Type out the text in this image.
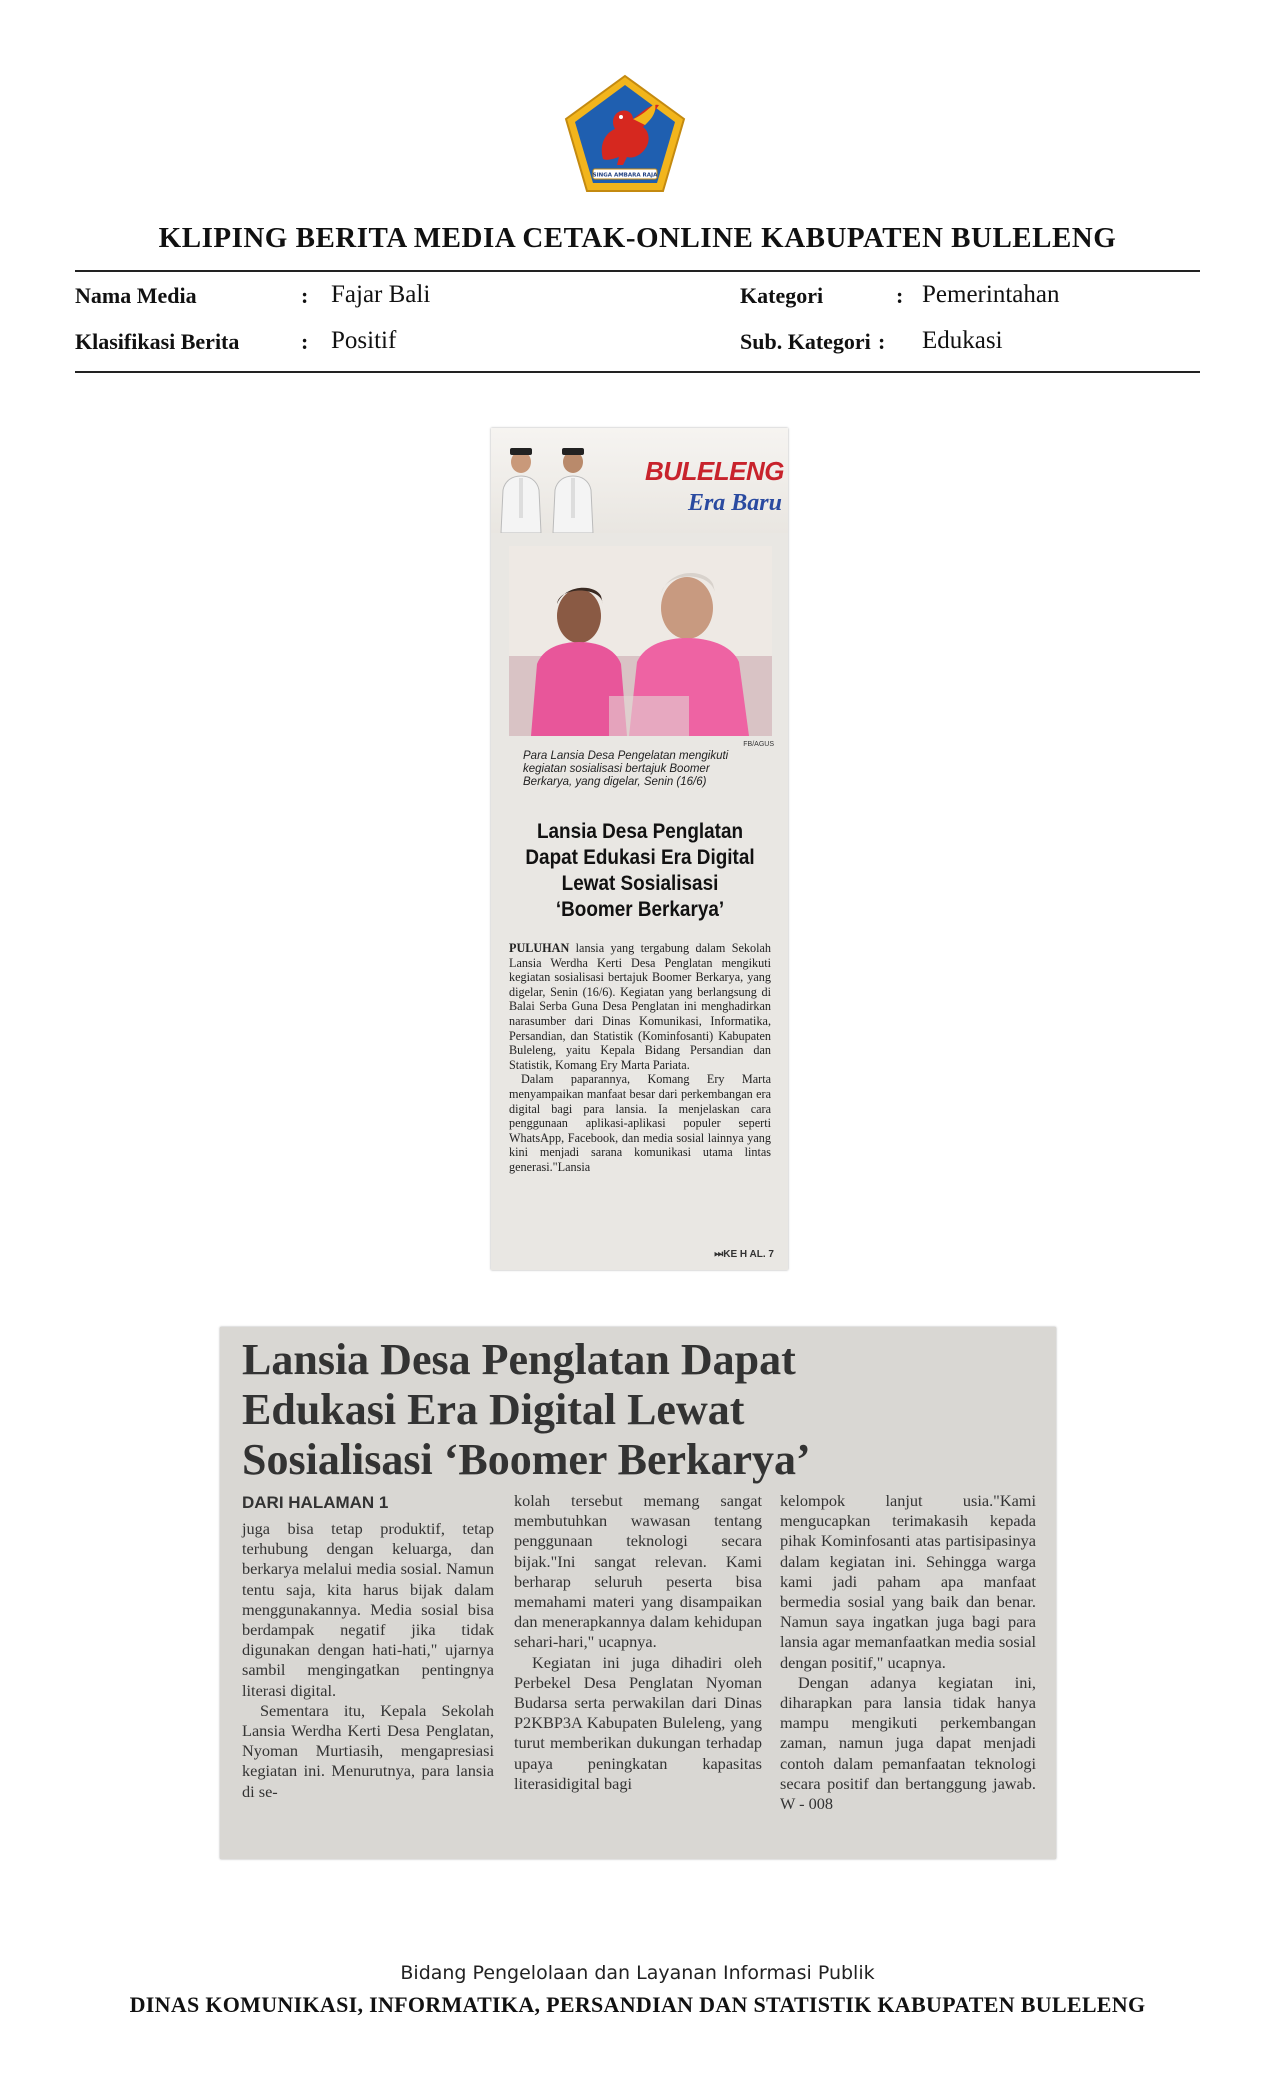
SINGA AMBARA RAJA
KLIPING BERITA MEDIA CETAK-ONLINE KABUPATEN BULELENG
Nama Media	: Fajar Bali	Kategori	: Pemerintahan
Klasifikasi Berita	: Positif	Sub. Kategori : Edukasi
BULELENG
Era Baru
FB/AGUS
Para Lansia Desa Pengelatan mengikuti kegiatan sosialisasi bertajuk Boomer Berkarya, yang digelar, Senin (16/6)
Lansia Desa Penglatan Dapat Edukasi Era Digital Lewat Sosialisasi ‘Boomer Berkarya’

PULUHAN lansia yang tergabung dalam Sekolah Lansia Werdha Kerti Desa Penglatan mengikuti kegiatan sosialisasi bertajuk Boomer Berkarya, yang digelar, Senin (16/6). Kegiatan yang berlangsung di Balai Serba Guna Desa Penglatan ini menghadirkan narasumber dari Dinas Komunikasi, Informatika, Persandian, dan Statistik (Kominfosanti) Kabupaten Buleleng, yaitu Kepala Bidang Persandian dan Statistik, Komang Ery Marta Pariata.

Dalam paparannya, Komang Ery Marta menyampaikan manfaat besar dari perkembangan era digital bagi para lansia. Ia menjelaskan cara penggunaan aplikasi-aplikasi populer seperti WhatsApp, Facebook, dan media sosial lainnya yang kini menjadi sarana komunikasi utama lintas generasi."Lansia

⏭KE H AL. 7
Lansia Desa Penglatan Dapat
Edukasi Era Digital Lewat
Sosialisasi ‘Boomer Berkarya’
DARI HALAMAN 1

juga bisa tetap produktif, tetap terhubung dengan keluarga, dan berkarya melalui media sosial. Namun tentu saja, kita harus bijak dalam menggunakannya. Media sosial bisa berdampak negatif jika tidak digunakan dengan hati-hati," ujarnya sambil mengingatkan pentingnya literasi digital.

Sementara itu, Kepala Sekolah Lansia Werdha Kerti Desa Penglatan, Nyoman Murtiasih, mengapresiasi kegiatan ini. Menurutnya, para lansia di se-

kolah tersebut memang sangat membutuhkan wawasan tentang penggunaan teknologi secara bijak."Ini sangat relevan. Kami berharap seluruh peserta bisa memahami materi yang disampaikan dan menerapkannya dalam kehidupan sehari-hari," ucapnya.

Kegiatan ini juga dihadiri oleh Perbekel Desa Penglatan Nyoman Budarsa serta perwakilan dari Dinas P2KBP3A Kabupaten Buleleng, yang turut memberikan dukungan terhadap upaya peningkatan kapasitas literasidigital bagi

kelompok lanjut usia."Kami mengucapkan terimakasih kepada pihak Kominfosanti atas partisipasinya dalam kegiatan ini. Sehingga warga kami jadi paham apa manfaat bermedia sosial yang baik dan benar. Namun saya ingatkan juga bagi para lansia agar memanfaatkan media sosial dengan positif," ucapnya.

Dengan adanya kegiatan ini, diharapkan para lansia tidak hanya mampu mengikuti perkembangan zaman, namun juga dapat menjadi contoh dalam pemanfaatan teknologi secara positif dan bertanggung jawab. W - 008

Bidang Pengelolaan dan Layanan Informasi Publik
DINAS KOMUNIKASI, INFORMATIKA, PERSANDIAN DAN STATISTIK KABUPATEN BULELENG
